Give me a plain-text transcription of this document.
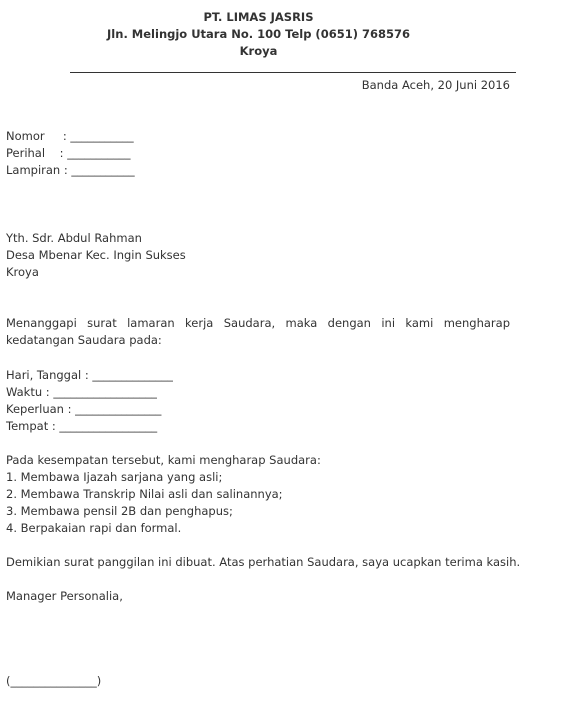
PT. LIMAS JASRIS
Jln. Melingjo Utara No. 100 Telp (0651) 768576
Kroya
Banda Aceh, 20 Juni 2016
Nomor     : ___________
Perihal    : ___________
Lampiran : ___________
Yth. Sdr. Abdul Rahman
Desa Mbenar Kec. Ingin Sukses
Kroya
Menanggapi surat lamaran kerja Saudara, maka dengan ini kami mengharap kedatangan Saudara pada:
Hari, Tanggal : ______________
Waktu : __________________
Keperluan : _______________
Tempat : _________________
Pada kesempatan tersebut, kami mengharap Saudara:
1. Membawa Ijazah sarjana yang asli;
2. Membawa Transkrip Nilai asli dan salinannya;
3. Membawa pensil 2B dan penghapus;
4. Berpakaian rapi dan formal.
Demikian surat panggilan ini dibuat. Atas perhatian Saudara, saya ucapkan terima kasih.
Manager Personalia,
(_______________)
